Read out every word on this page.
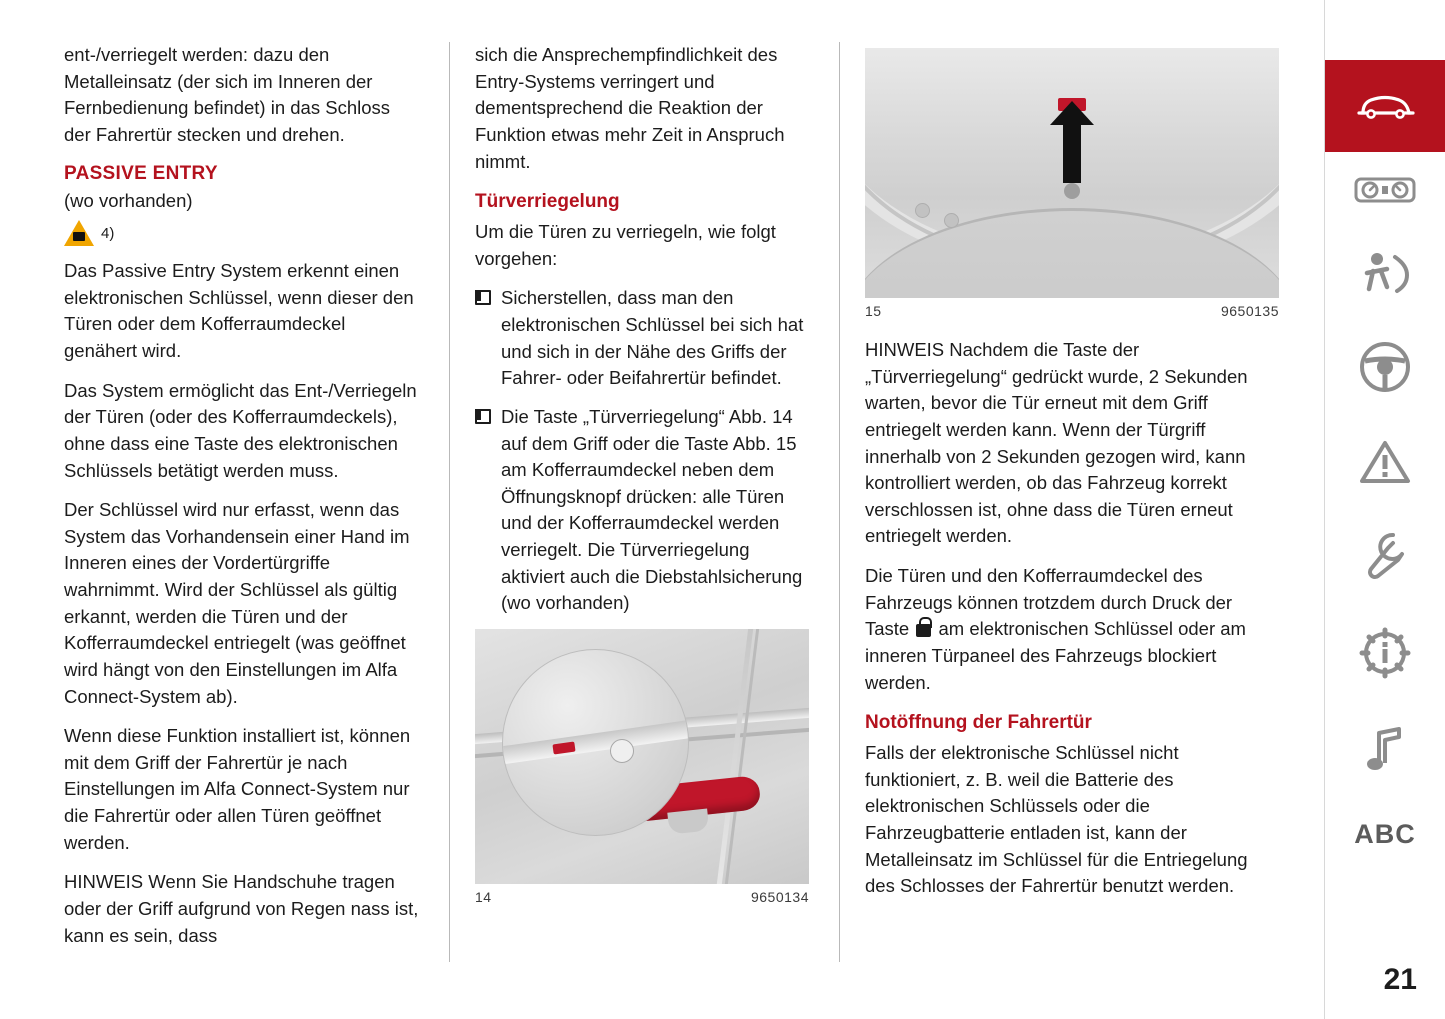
ent-/verriegelt werden: dazu den Metalleinsatz (der sich im Inneren der Fernbedienung befindet) in das Schloss der Fahrertür stecken und drehen.

PASSIVE ENTRY

(wo vorhanden)

4)

Das Passive Entry System erkennt einen elektronischen Schlüssel, wenn dieser den Türen oder dem Kofferraumdeckel genähert wird.

Das System ermöglicht das Ent-/Verriegeln der Türen (oder des Kofferraumdeckels), ohne dass eine Taste des elektronischen Schlüssels betätigt werden muss.

Der Schlüssel wird nur erfasst, wenn das System das Vorhandensein einer Hand im Inneren eines der Vordertürgriffe wahrnimmt. Wird der Schlüssel als gültig erkannt, werden die Türen und der Kofferraumdeckel entriegelt (was geöffnet wird hängt von den Einstellungen im Alfa Connect-System ab).

Wenn diese Funktion installiert ist, können mit dem Griff der Fahrertür je nach Einstellungen im Alfa Connect-System nur die Fahrertür oder allen Türen geöffnet werden.

HINWEIS Wenn Sie Handschuhe tragen oder der Griff aufgrund von Regen nass ist, kann es sein, dass

sich die Ansprechempfindlichkeit des Entry-Systems verringert und dementsprechend die Reaktion der Funktion etwas mehr Zeit in Anspruch nimmt.

Türverriegelung

Um die Türen zu verriegeln, wie folgt vorgehen:

Sicherstellen, dass man den elektronischen Schlüssel bei sich hat und sich in der Nähe des Griffs der Fahrer- oder Beifahrertür befindet.
Die Taste „Türverriegelung“ Abb. 14 auf dem Griff oder die Taste Abb. 15 am Kofferraumdeckel neben dem Öffnungsknopf drücken: alle Türen und der Kofferraumdeckel werden verriegelt. Die Türverriegelung aktiviert auch die Diebstahlsicherung (wo vorhanden)
14	9650134
15	9650135

HINWEIS Nachdem die Taste der „Türverriegelung“ gedrückt wurde, 2 Sekunden warten, bevor die Tür erneut mit dem Griff entriegelt werden kann. Wenn der Türgriff innerhalb von 2 Sekunden gezogen wird, kann kontrolliert werden, ob das Fahrzeug korrekt verschlossen ist, ohne dass die Türen erneut entriegelt werden.

Die Türen und den Kofferraumdeckel des Fahrzeugs können trotzdem durch Druck der Taste am elektronischen Schlüssel oder am inneren Türpaneel des Fahrzeugs blockiert werden.

Notöffnung der Fahrertür

Falls der elektronische Schlüssel nicht funktioniert, z. B. weil die Batterie des elektronischen Schlüssels oder die Fahrzeugbatterie entladen ist, kann der Metalleinsatz im Schlüssel für die Entriegelung des Schlosses der Fahrertür benutzt werden.

ABC
21
